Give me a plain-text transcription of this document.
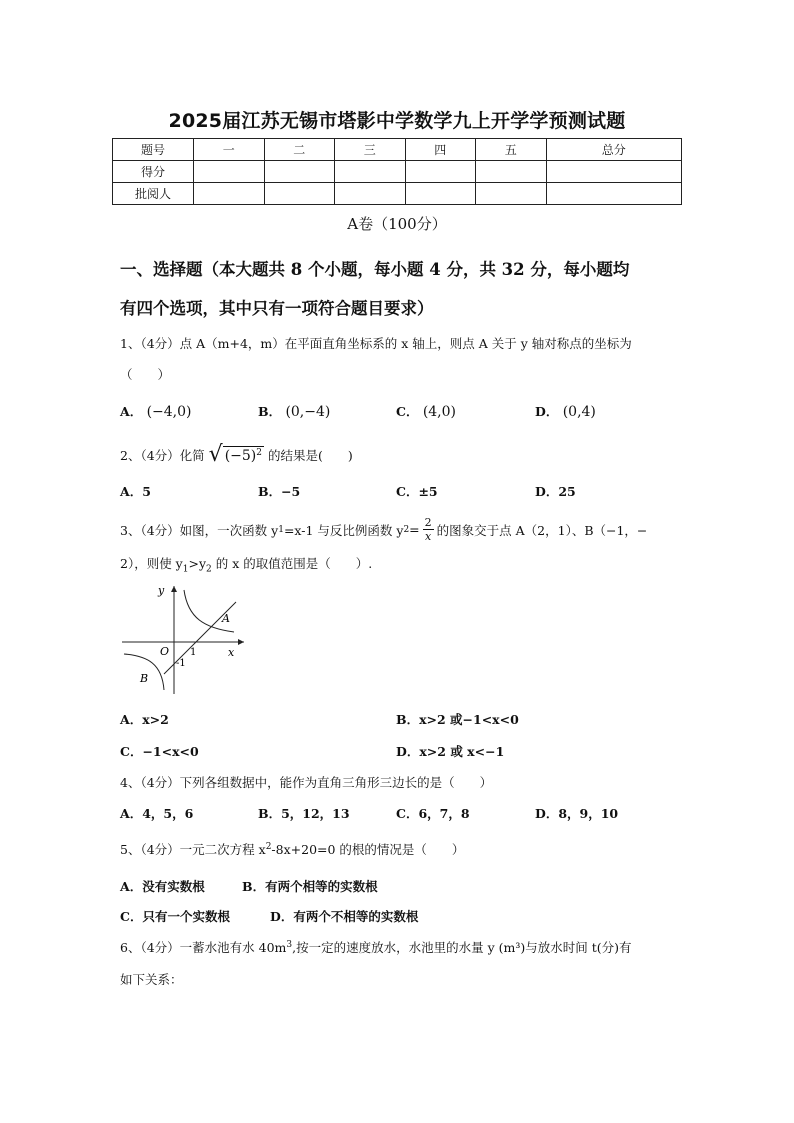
2025届江苏无锡市塔影中学数学九上开学学预测试题
题号	一	二	三	四	五	总分
得分						
批阅人						
A卷（100分）
一、选择题（本大题共 8 个小题，每小题 4 分，共 32 分，每小题均
有四个选项，其中只有一项符合题目要求）
1、（4分）点 A（m+4，m）在平面直角坐标系的 x 轴上，则点 A 关于 y 轴对称点的坐标为
（　　）
A． (−4,0)	B． (0,−4)	C． (4,0)	D． (0,4)
2、（4分）化简 √ $(-5)^2$ 的结果是(　　)
A．5	B．−5	C．±5	D．25
3、（4分）如图，一次函数 y 1 =x-1 与反比例函数 y $2 = \frac{2}{x}$ 的图象交于点 A（2，1）、B（−1，−
2），则使 $y_1>y_2$ 的 x 的取值范围是（　　）.
y
x
O 1
-1
A
B
A．x>2	B．x>2 或−1<x<0
C．−1<x<0	D．x>2 或 x<−1
4、（4分）下列各组数据中，能作为直角三角形三边长的是（　　）
A．4，5，6	B．5，12，13	C．6，7，8	D．8，9，10
5、（4分）一元二次方程 $x^2-8x+20=0$ 的根的情况是（　　）
A．没有实数根	B．有两个相等的实数根
C．只有一个实数根	D．有两个不相等的实数根
6、（4分）一蓄水池有水 $40m^3$,按一定的速度放水，水池里的水量 y (m³)与放水时间 t(分)有
如下关系：
